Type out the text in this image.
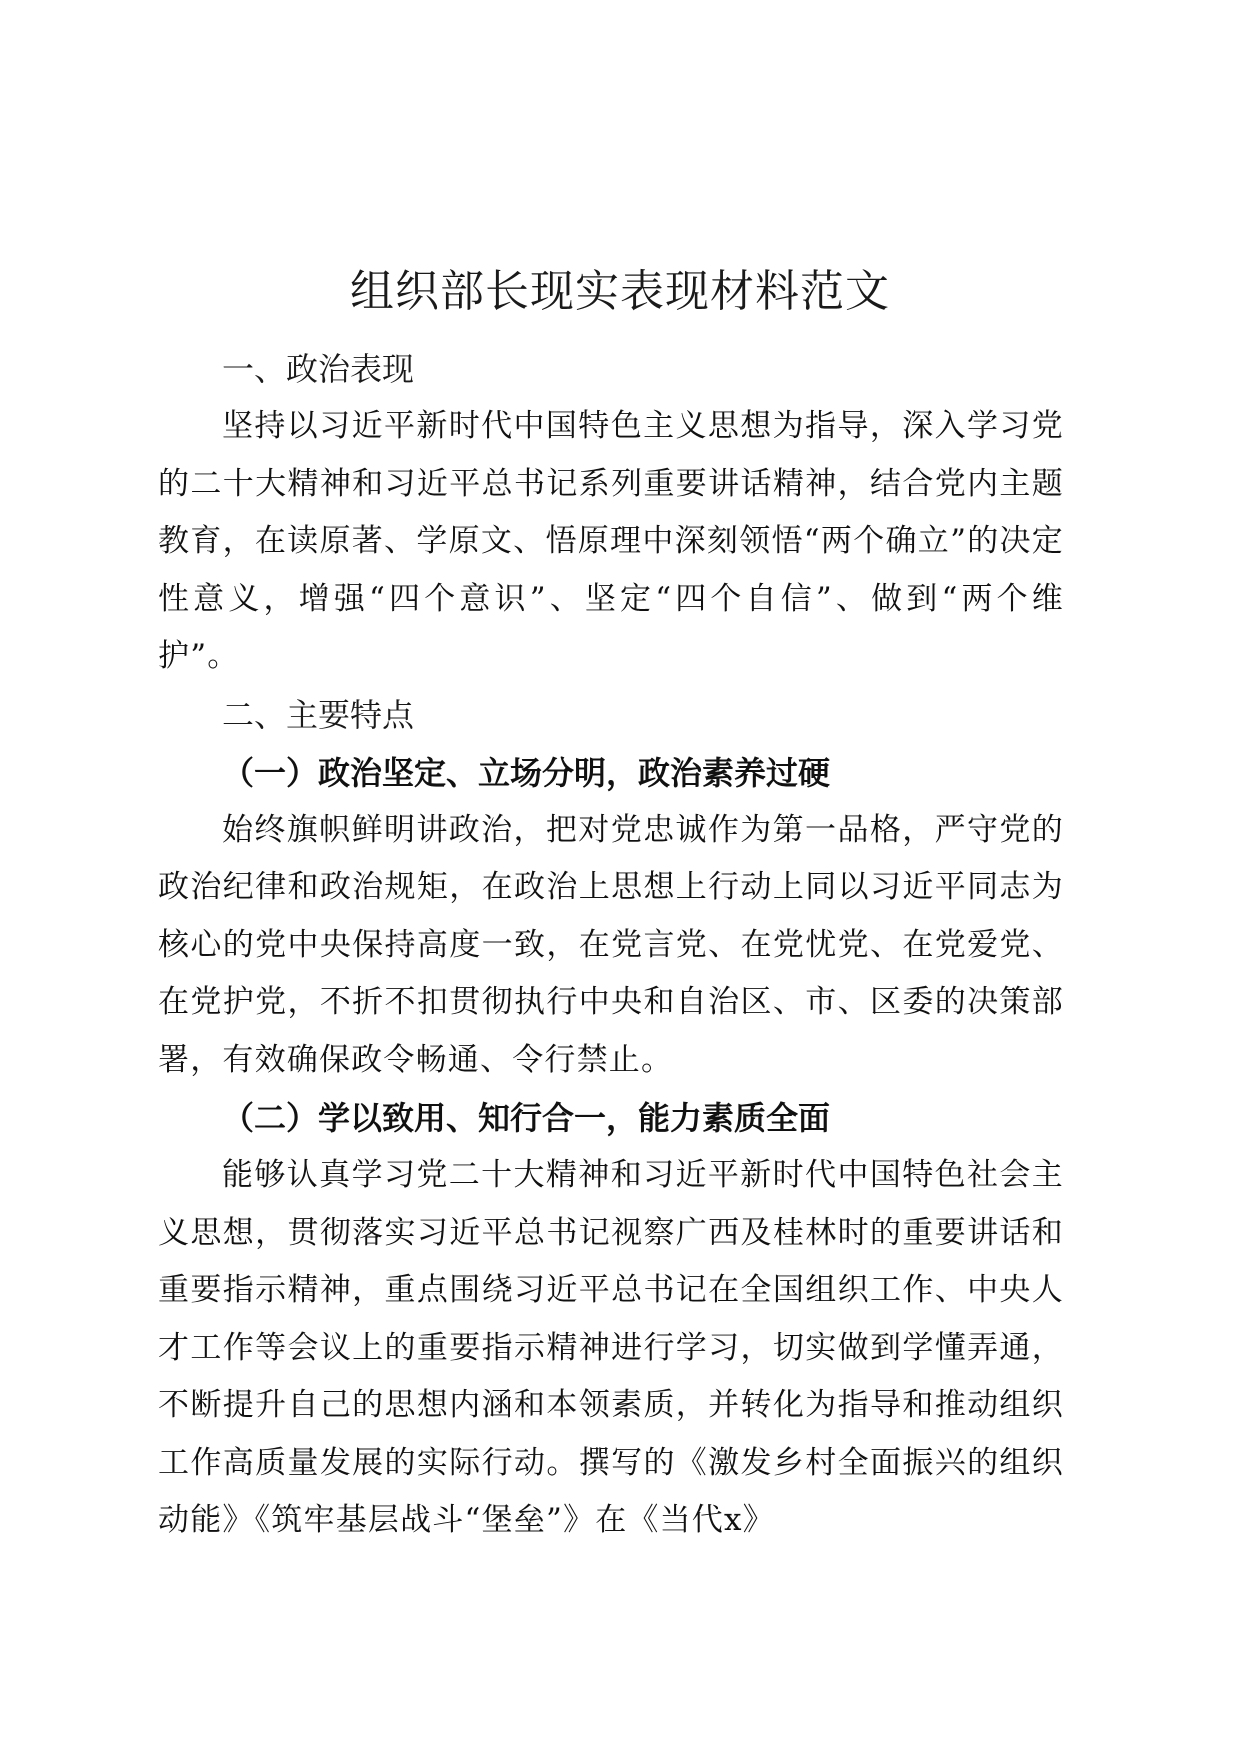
组织部长现实表现材料范文
一、政治表现

坚持以习近平新时代中国特色主义思想为指导，深入学习党的二十大精神和习近平总书记系列重要讲话精神，结合党内主题教育，在读原著、学原文、悟原理中深刻领悟“两个确立”的决定性意义，增强“四个意识”、坚定“四个自信”、做到“两个维护”。

二、主要特点
（一）政治坚定、立场分明，政治素养过硬

始终旗帜鲜明讲政治，把对党忠诚作为第一品格，严守党的政治纪律和政治规矩，在政治上思想上行动上同以习近平同志为核心的党中央保持高度一致，在党言党、在党忧党、在党爱党、在党护党，不折不扣贯彻执行中央和自治区、市、区委的决策部署，有效确保政令畅通、令行禁止。

（二）学以致用、知行合一，能力素质全面

能够认真学习党二十大精神和习近平新时代中国特色社会主义思想，贯彻落实习近平总书记视察广西及桂林时的重要讲话和重要指示精神，重点围绕习近平总书记在全国组织工作、中央人才工作等会议上的重要指示精神进行学习，切实做到学懂弄通，不断提升自己的思想内涵和本领素质，并转化为指导和推动组织工作高质量发展的实际行动。撰写的《激发乡村全面振兴的组织动能》《筑牢基层战斗“堡垒”》在《当代x》
